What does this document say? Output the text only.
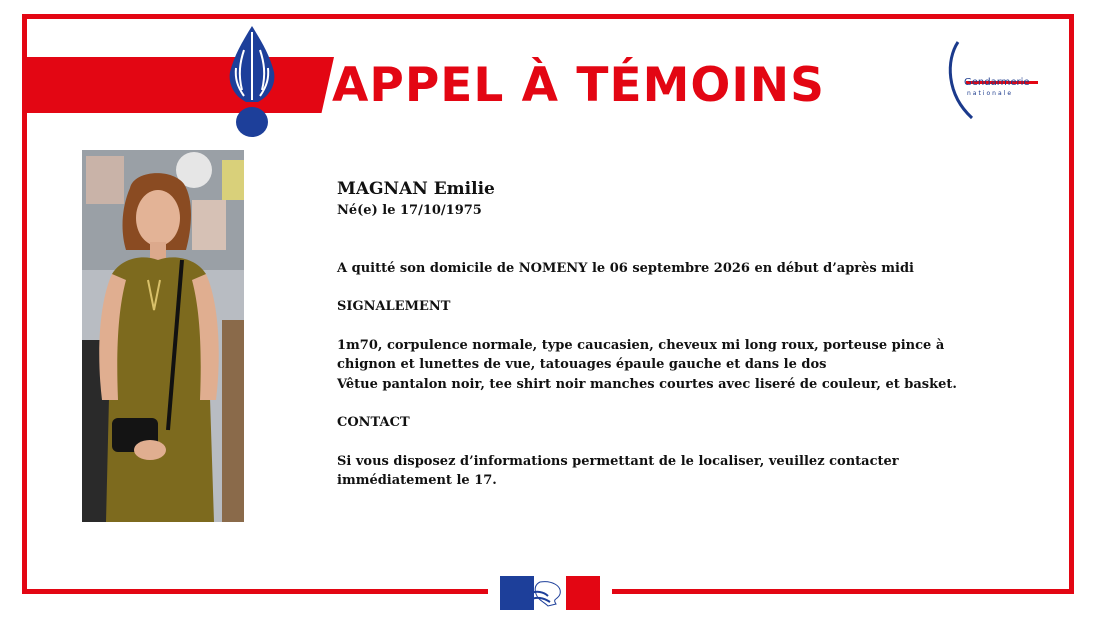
APPEL À TÉMOINS	Gendarmerie
nationale
MAGNAN Emilie
Né(e) le 17/10/1975

A quitté son domicile de NOMENY le 06 septembre 2026 en début d’après midi

SIGNALEMENT

1m70, corpulence normale, type caucasien, cheveux mi long roux, porteuse pince à chignon et lunettes de vue, tatouages épaule gauche et dans le dos

Vêtue pantalon noir, tee shirt noir manches courtes avec liseré de couleur, et basket.

CONTACT

Si vous disposez d’informations permettant de le localiser, veuillez contacter immédiatement le 17.
